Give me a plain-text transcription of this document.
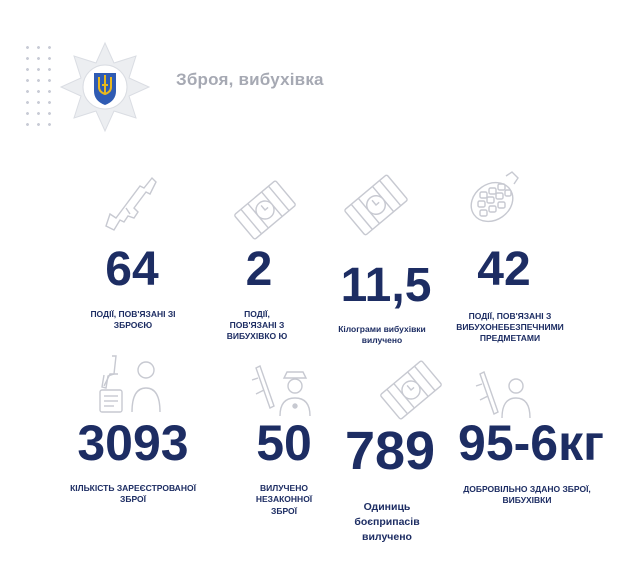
Зброя, вибухівка
64
ПОДІЇ, ПОВ'ЯЗАНІ ЗІ ЗБРОЄЮ
2
ПОДІЇ, ПОВ'ЯЗАНІ З ВИБУХІВКО Ю
11,5
Кілограми вибухівки вилучено
42
ПОДІЇ, ПОВ'ЯЗАНІ З ВИБУХОНЕБЕЗПЕЧНИМИ ПРЕДМЕТАМИ
3093
КІЛЬКІСТЬ ЗАРЕЄСТРОВАНОЇ ЗБРОЇ
50
ВИЛУЧЕНО НЕЗАКОННОЇ ЗБРОЇ
789
Одиниць боєприпасів вилучено
95-6кг
ДОБРОВІЛЬНО ЗДАНО ЗБРОЇ, ВИБУХІВКИ
